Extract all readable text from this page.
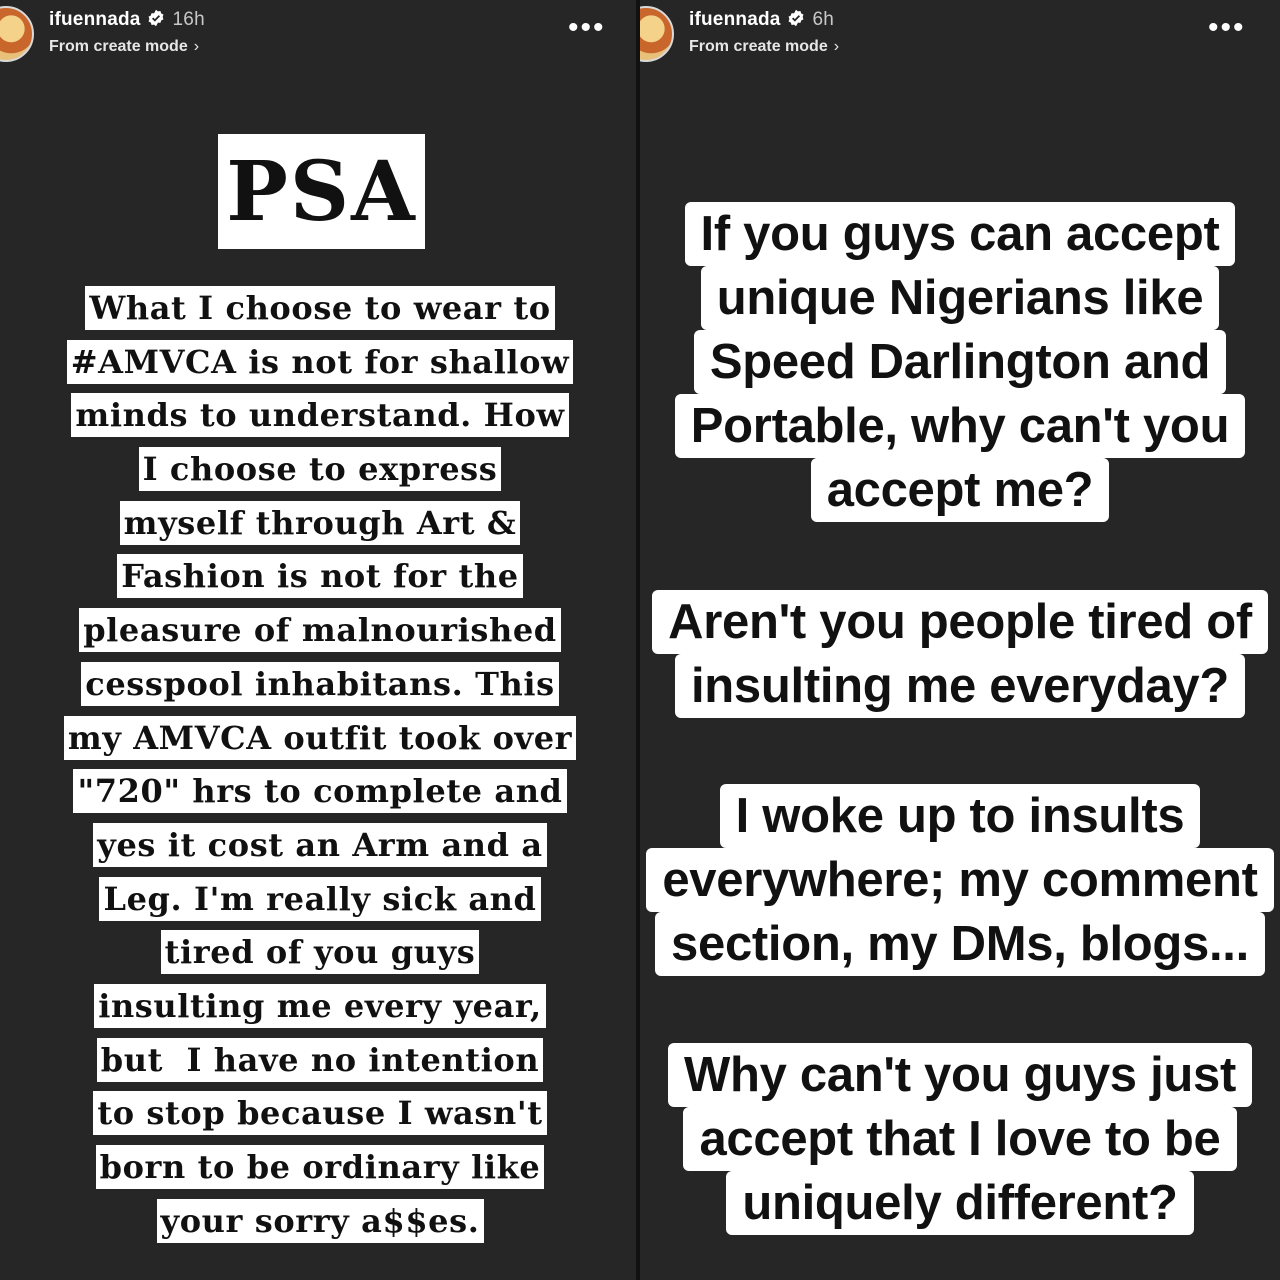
ifuennada 16h
From create mode ›
•••
PSA
What I choose to wear to
#AMVCA is not for shallow
minds to understand. How
I choose to express
myself through Art &
Fashion is not for the
pleasure of malnourished
cesspool inhabitans. This
my AMVCA outfit took over
"720" hrs to complete and
yes it cost an Arm and a
Leg. I'm really sick and
tired of you guys
insulting me every year,
but  I have no intention
to stop because I wasn't
born to be ordinary like
your sorry a$$es.
ifuennada 6h
From create mode ›
•••
If you guys can accept
unique Nigerians like
Speed Darlington and
Portable, why can't you
accept me?
Aren't you people tired of
insulting me everyday?
I woke up to insults
everywhere; my comment
section, my DMs, blogs...
Why can't you guys just
accept that I love to be
uniquely different?
